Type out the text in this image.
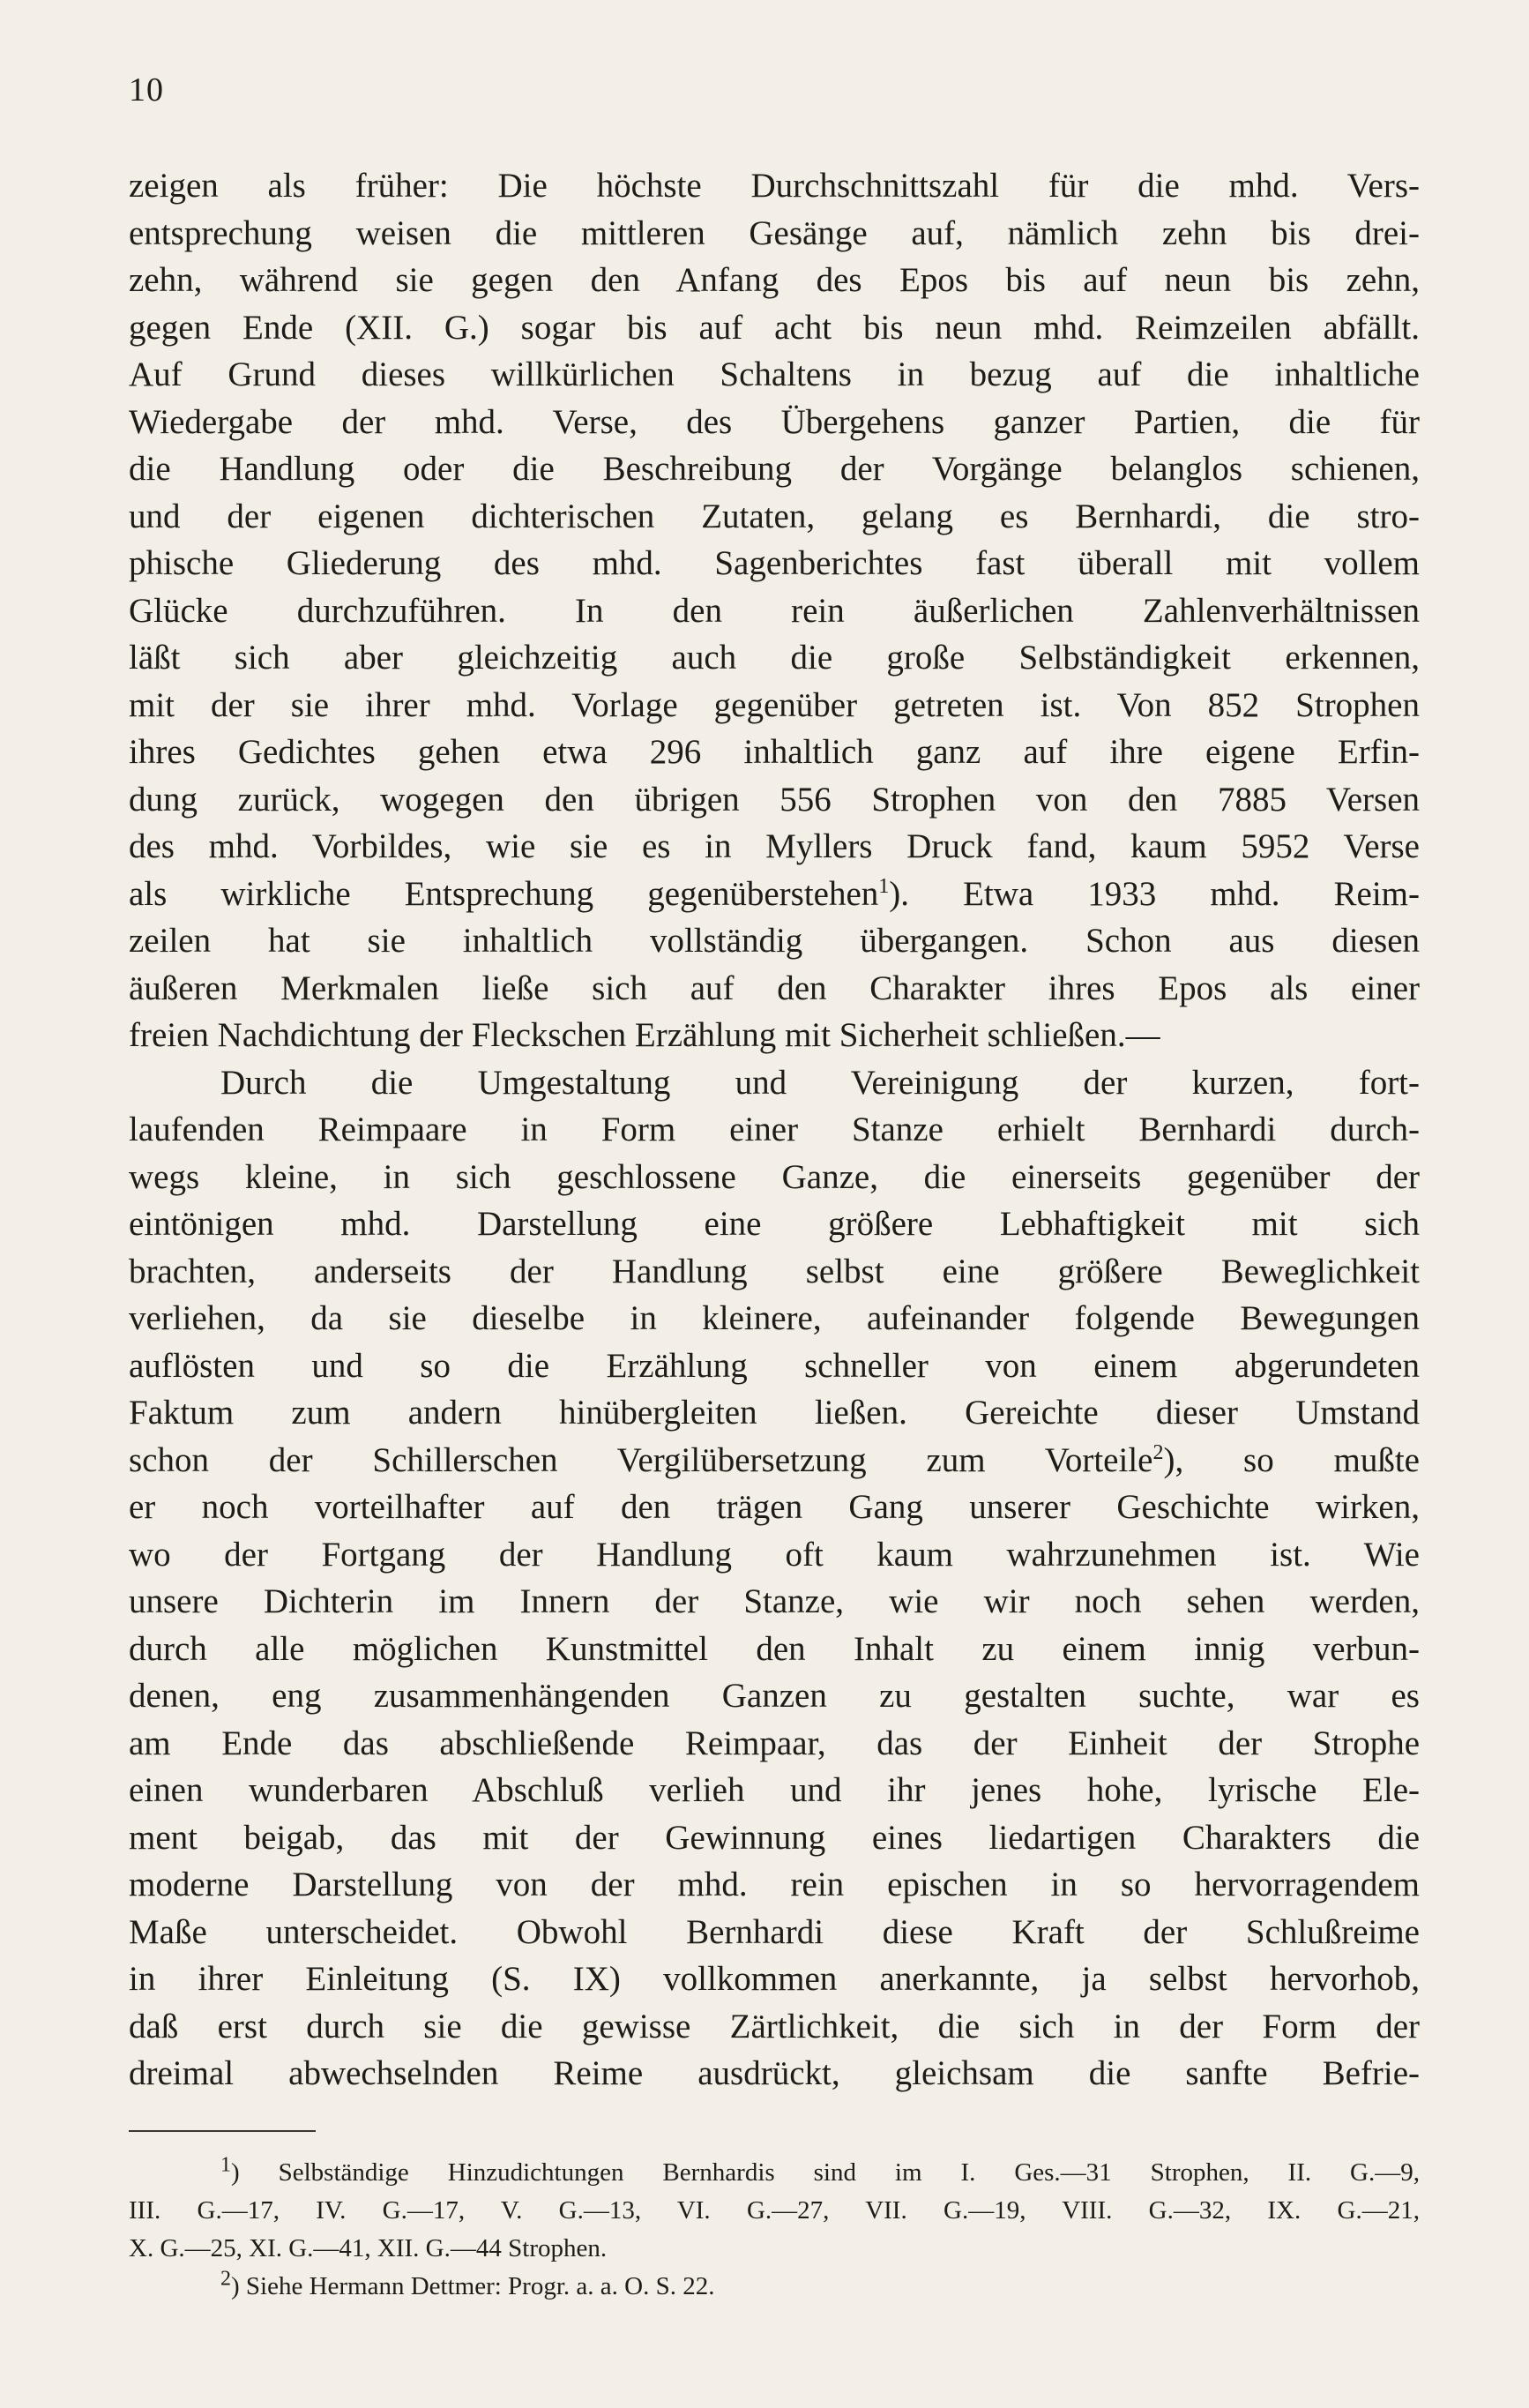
10
zeigen als früher: Die höchste Durchschnittszahl für die mhd. Vers-
entsprechung weisen die mittleren Gesänge auf, nämlich zehn bis drei-
zehn, während sie gegen den Anfang des Epos bis auf neun bis zehn,
gegen Ende (XII. G.) sogar bis auf acht bis neun mhd. Reimzeilen abfällt.
Auf Grund dieses willkürlichen Schaltens in bezug auf die inhaltliche
Wiedergabe der mhd. Verse, des Übergehens ganzer Partien, die für
die Handlung oder die Beschreibung der Vorgänge belanglos schienen,
und der eigenen dichterischen Zutaten, gelang es Bernhardi, die stro-
phische Gliederung des mhd. Sagenberichtes fast überall mit vollem
Glücke durchzuführen. In den rein äußerlichen Zahlenverhältnissen
läßt sich aber gleichzeitig auch die große Selbständigkeit erkennen,
mit der sie ihrer mhd. Vorlage gegenüber getreten ist. Von 852 Strophen
ihres Gedichtes gehen etwa 296 inhaltlich ganz auf ihre eigene Erfin-
dung zurück, wogegen den übrigen 556 Strophen von den 7885 Versen
des mhd. Vorbildes, wie sie es in Myllers Druck fand, kaum 5952 Verse
als wirkliche Entsprechung gegenüberstehen$^1$). Etwa 1933 mhd. Reim-
zeilen hat sie inhaltlich vollständig übergangen. Schon aus diesen
äußeren Merkmalen ließe sich auf den Charakter ihres Epos als einer
freien Nachdichtung der Fleckschen Erzählung mit Sicherheit schließen.—
Durch die Umgestaltung und Vereinigung der kurzen, fort-
laufenden Reimpaare in Form einer Stanze erhielt Bernhardi durch-
wegs kleine, in sich geschlossene Ganze, die einerseits gegenüber der
eintönigen mhd. Darstellung eine größere Lebhaftigkeit mit sich
brachten, anderseits der Handlung selbst eine größere Beweglichkeit
verliehen, da sie dieselbe in kleinere, aufeinander folgende Bewegungen
auflösten und so die Erzählung schneller von einem abgerundeten
Faktum zum andern hinübergleiten ließen. Gereichte dieser Umstand
schon der Schillerschen Vergilübersetzung zum Vorteile$^2$), so mußte
er noch vorteilhafter auf den trägen Gang unserer Geschichte wirken,
wo der Fortgang der Handlung oft kaum wahrzunehmen ist. Wie
unsere Dichterin im Innern der Stanze, wie wir noch sehen werden,
durch alle möglichen Kunstmittel den Inhalt zu einem innig verbun-
denen, eng zusammenhängenden Ganzen zu gestalten suchte, war es
am Ende das abschließende Reimpaar, das der Einheit der Strophe
einen wunderbaren Abschluß verlieh und ihr jenes hohe, lyrische Ele-
ment beigab, das mit der Gewinnung eines liedartigen Charakters die
moderne Darstellung von der mhd. rein epischen in so hervorragendem
Maße unterscheidet. Obwohl Bernhardi diese Kraft der Schlußreime
in ihrer Einleitung (S. IX) vollkommen anerkannte, ja selbst hervorhob,
daß erst durch sie die gewisse Zärtlichkeit, die sich in der Form der
dreimal abwechselnden Reime ausdrückt, gleichsam die sanfte Befrie-
$^1$) Selbständige Hinzudichtungen Bernhardis sind im I. Ges.—31 Strophen, II. G.—9,
III. G.—17, IV. G.—17, V. G.—13, VI. G.—27, VII. G.—19, VIII. G.—32, IX. G.—21,
X. G.—25, XI. G.—41, XII. G.—44 Strophen.
$^2$) Siehe Hermann Dettmer: Progr. a. a. O. S. 22.
